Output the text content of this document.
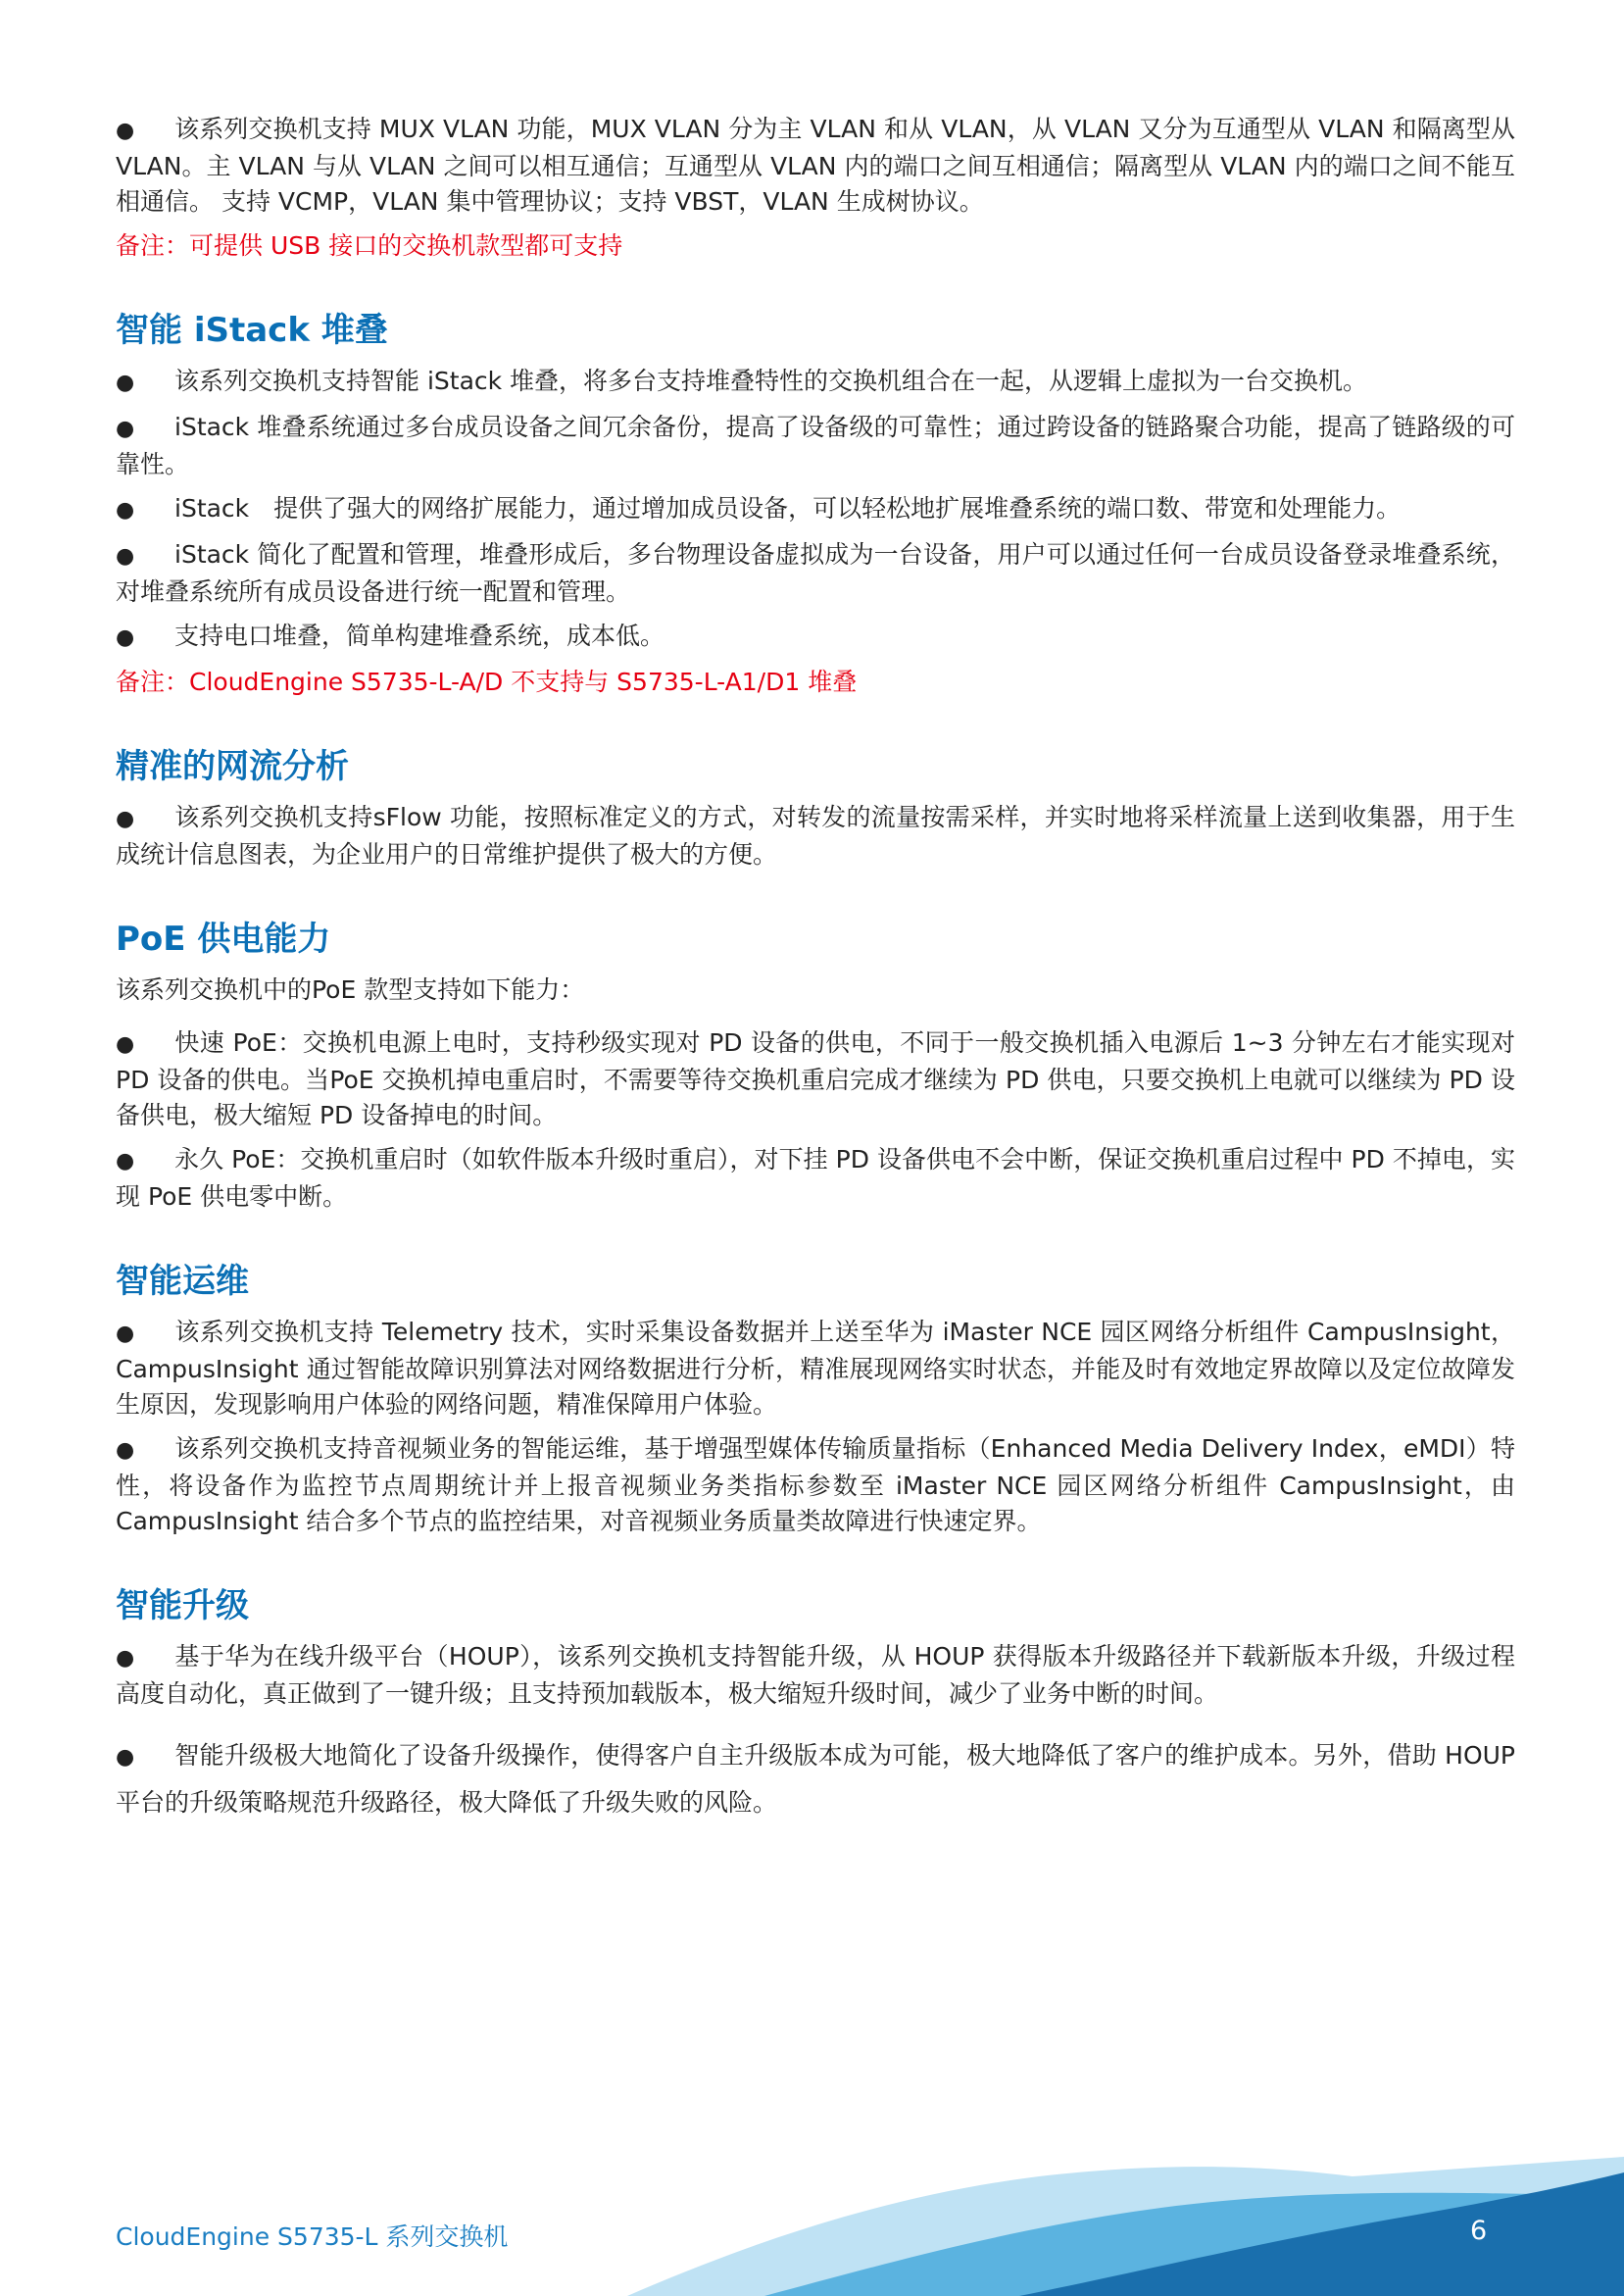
● 该系列交换机支持 MUX VLAN 功能，MUX VLAN 分为主 VLAN 和从 VLAN，从 VLAN 又分为互通型从 VLAN 和隔离型从 VLAN。主 VLAN 与从 VLAN 之间可以相互通信；互通型从 VLAN 内的端口之间互相通信；隔离型从 VLAN 内的端口之间不能互相通信。 支持 VCMP，VLAN 集中管理协议；支持 VBST，VLAN 生成树协议。

备注：可提供 USB 接口的交换机款型都可支持

智能 iStack 堆叠

● 该系列交换机支持智能 iStack 堆叠，将多台支持堆叠特性的交换机组合在一起，从逻辑上虚拟为一台交换机。

● iStack 堆叠系统通过多台成员设备之间冗余备份，提高了设备级的可靠性；通过跨设备的链路聚合功能，提高了链路级的可靠性。

● iStack　提供了强大的网络扩展能力，通过增加成员设备，可以轻松地扩展堆叠系统的端口数、带宽和处理能力。

● iStack 简化了配置和管理，堆叠形成后，多台物理设备虚拟成为一台设备，用户可以通过任何一台成员设备登录堆叠系统，对堆叠系统所有成员设备进行统一配置和管理。

● 支持电口堆叠，简单构建堆叠系统，成本低。

备注：CloudEngine S5735-L-A/D 不支持与 S5735-L-A1/D1 堆叠

精准的网流分析

● 该系列交换机支持sFlow 功能，按照标准定义的方式，对转发的流量按需采样，并实时地将采样流量上送到收集器，用于生成统计信息图表，为企业用户的日常维护提供了极大的方便。

PoE 供电能力

该系列交换机中的PoE 款型支持如下能力：

● 快速 PoE：交换机电源上电时，支持秒级实现对 PD 设备的供电，不同于一般交换机插入电源后 1~3 分钟左右才能实现对 PD 设备的供电。当PoE 交换机掉电重启时，不需要等待交换机重启完成才继续为 PD 供电，只要交换机上电就可以继续为 PD 设备供电，极大缩短 PD 设备掉电的时间。

● 永久 PoE：交换机重启时（如软件版本升级时重启），对下挂 PD 设备供电不会中断，保证交换机重启过程中 PD 不掉电，实现 PoE 供电零中断。

智能运维

● 该系列交换机支持 Telemetry 技术，实时采集设备数据并上送至华为 iMaster NCE 园区网络分析组件 CampusInsight，CampusInsight 通过智能故障识别算法对网络数据进行分析，精准展现网络实时状态，并能及时有效地定界故障以及定位故障发生原因，发现影响用户体验的网络问题，精准保障用户体验。

● 该系列交换机支持音视频业务的智能运维，基于增强型媒体传输质量指标（Enhanced Media Delivery Index，eMDI）特性，将设备作为监控节点周期统计并上报音视频业务类指标参数至 iMaster NCE 园区网络分析组件 CampusInsight，由 CampusInsight 结合多个节点的监控结果，对音视频业务质量类故障进行快速定界。

智能升级

● 基于华为在线升级平台（HOUP），该系列交换机支持智能升级，从 HOUP 获得版本升级路径并下载新版本升级，升级过程高度自动化，真正做到了一键升级；且支持预加载版本，极大缩短升级时间，减少了业务中断的时间。

● 智能升级极大地简化了设备升级操作，使得客户自主升级版本成为可能，极大地降低了客户的维护成本。另外，借助 HOUP 平台的升级策略规范升级路径，极大降低了升级失败的风险。

CloudEngine S5735-L 系列交换机	6
